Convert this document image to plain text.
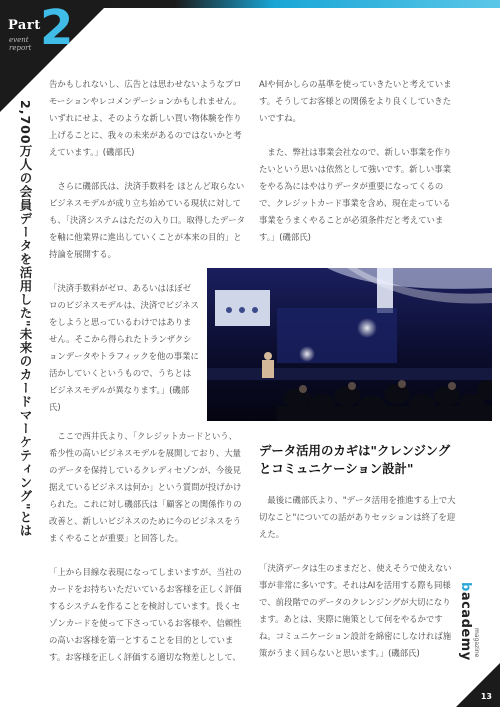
Part 2
event report
2,700万人の会員データを活用した"未来のカードマーケティング"とは

告かもしれないし、広告とは思わせないようなプロモーションやレコメンデーションかもしれません。いずれにせよ、そのような新しい買い物体験を作り上げることに、我々の未来があるのではないかと考えています。」(磯部氏)

さらに磯部氏は、決済手数料を ほとんど取らないビジネスモデルが成り立ち始めている現状に対しても、「決済システムはただの入り口。取得したデータを軸に他業界に進出していくことが本来の目的」と持論を展開する。

「決済手数料がゼロ、あるいはほぼゼロのビジネスモデルは、決済でビジネスをしようと思っているわけではありません。そこから得られたトランザクションデータやトラフィックを他の事業に活かしていくというもので、うちとはビジネスモデルが異なります。」(磯部氏)

ここで西井氏より、「クレジットカードという、希少性の高いビジネスモデルを展開しており、大量のデータを保持しているクレディセゾンが、今後見据えているビジネスは何か」という質問が投げかけられた。これに対し磯部氏は「顧客との関係作りの改善と、新しいビジネスのために今のビジネスをうまくやることが重要」と回答した。

「上から目線な表現になってしまいますが、当社のカードをお持ちいただいているお客様を正しく評価するシステムを作ることを検討しています。長くセゾンカードを使って下さっているお客様や、信頼性の高いお客様を第一とすることを目的としています。お客様を正しく評価する適切な物差しとして、

AIや何かしらの基準を使っていきたいと考えています。そうしてお客様との関係をより良くしていきたいですね。

また、弊社は事業会社なので、新しい事業を作りたいという思いは依然として強いです。新しい事業をやる為にはやはりデータが重要になってくるので、クレジットカード事業を含め、現在走っている事業をうまくやることが必須条件だと考えています。」(磯部氏)

データ活用のカギは"クレンジングとコミュニケーション設計"

最後に磯部氏より、"データ活用を推進する上で大切なこと"についての話がありセッションは終了を迎えた。

「決済データは生のままだと、使えそうで使えない事が非常に多いです。それはAIを活用する際も同様で、前段階でのデータのクレンジングが大切になります。あとは、実際に施策として何をやるかですね。コミュニケーション設計を綿密にしなければ施策がうまく回らないと思います。」(磯部氏)

bacademy magazine
13
